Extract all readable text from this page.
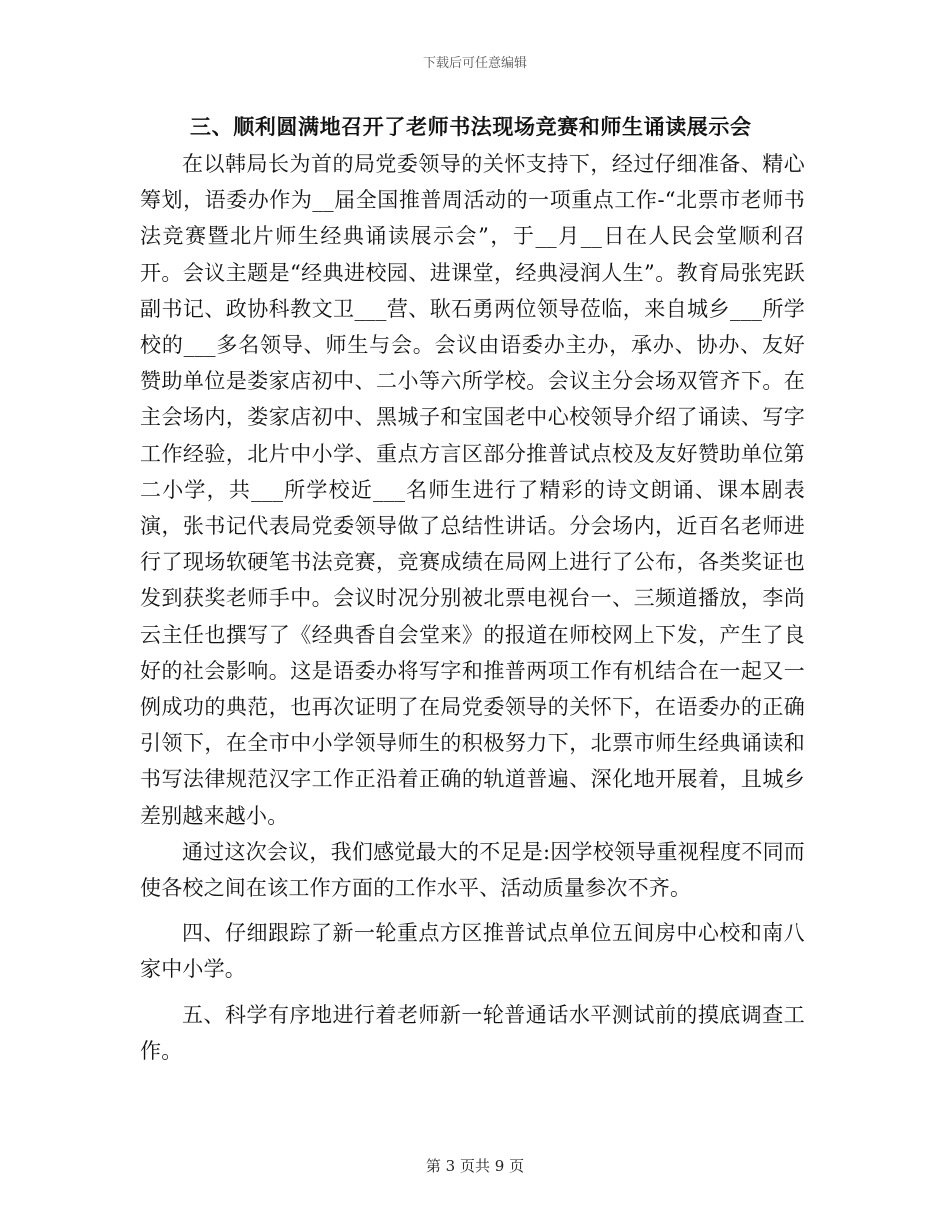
下载后可任意编辑
三、顺利圆满地召开了老师书法现场竞赛和师生诵读展示会

在以韩局长为首的局党委领导的关怀支持下，经过仔细准备、精心筹划，语委办作为__届全国推普周活动的一项重点工作-“北票市老师书法竞赛暨北片师生经典诵读展示会”，于__月__日在人民会堂顺利召开。会议主题是“经典进校园、进课堂，经典浸润人生”。教育局张宪跃副书记、政协科教文卫___营、耿石勇两位领导莅临，来自城乡___所学校的___多名领导、师生与会。会议由语委办主办，承办、协办、友好赞助单位是娄家店初中、二小等六所学校。会议主分会场双管齐下。在主会场内，娄家店初中、黑城子和宝国老中心校领导介绍了诵读、写字工作经验，北片中小学、重点方言区部分推普试点校及友好赞助单位第二小学，共___所学校近___名师生进行了精彩的诗文朗诵、课本剧表演，张书记代表局党委领导做了总结性讲话。分会场内，近百名老师进行了现场软硬笔书法竞赛，竞赛成绩在局网上进行了公布，各类奖证也发到获奖老师手中。会议时况分别被北票电视台一、三频道播放，李尚云主任也撰写了《经典香自会堂来》的报道在师校网上下发，产生了良好的社会影响。这是语委办将写字和推普两项工作有机结合在一起又一例成功的典范，也再次证明了在局党委领导的关怀下，在语委办的正确引领下，在全市中小学领导师生的积极努力下，北票市师生经典诵读和书写法律规范汉字工作正沿着正确的轨道普遍、深化地开展着，且城乡差别越来越小。

通过这次会议，我们感觉最大的不足是:因学校领导重视程度不同而使各校之间在该工作方面的工作水平、活动质量参次不齐。

四、仔细跟踪了新一轮重点方区推普试点单位五间房中心校和南八家中小学。

五、科学有序地进行着老师新一轮普通话水平测试前的摸底调查工作。

第 3 页共 9 页
